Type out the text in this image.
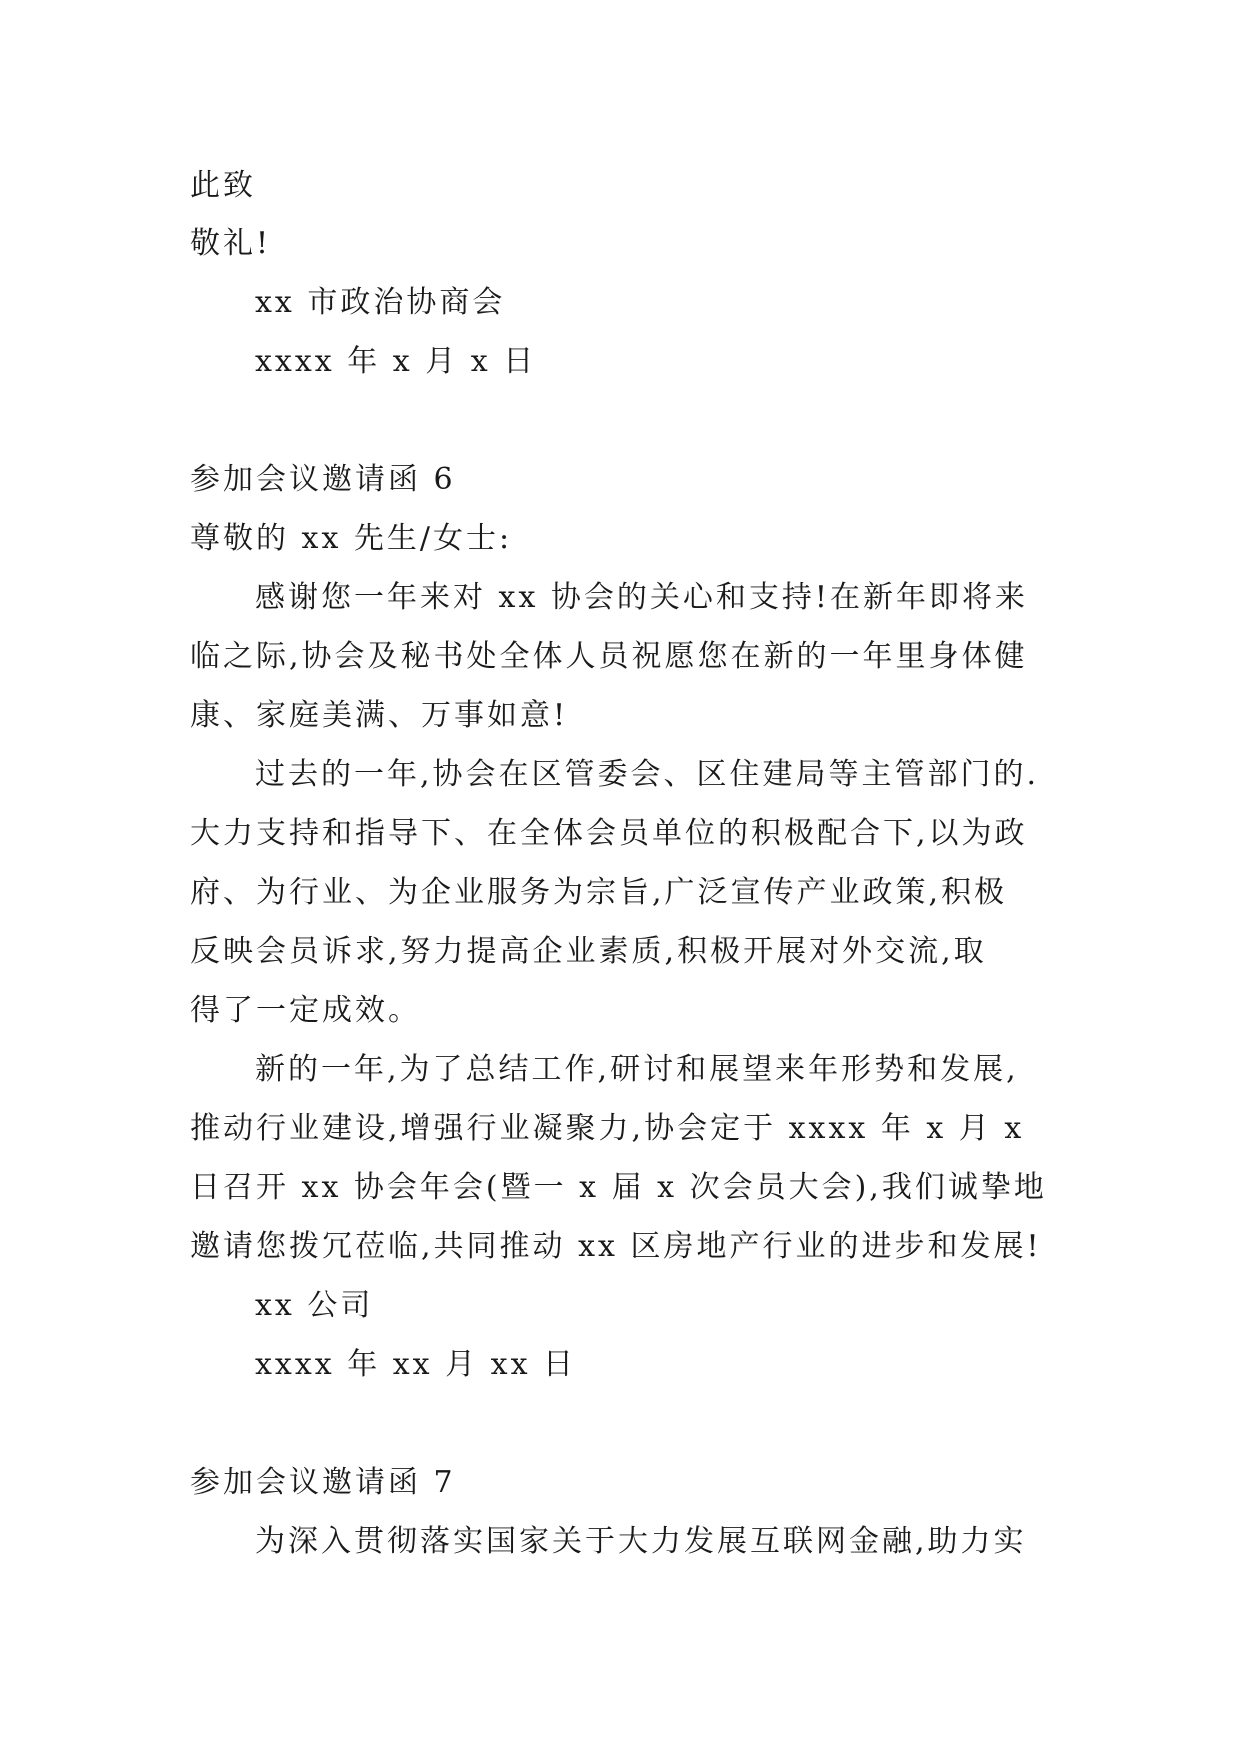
此致
敬礼!
xx 市政治协商会
xxxx 年 x 月 x 日
参加会议邀请函 6
尊敬的 xx 先生/女士:
感谢您一年来对 xx 协会的关心和支持!在新年即将来
临之际,协会及秘书处全体人员祝愿您在新的一年里身体健
康、家庭美满、万事如意!
过去的一年,协会在区管委会、区住建局等主管部门的.
大力支持和指导下、在全体会员单位的积极配合下,以为政
府、为行业、为企业服务为宗旨,广泛宣传产业政策,积极
反映会员诉求,努力提高企业素质,积极开展对外交流,取
得了一定成效。
新的一年,为了总结工作,研讨和展望来年形势和发展,
推动行业建设,增强行业凝聚力,协会定于 xxxx 年 x 月 x
日召开 xx 协会年会(暨一 x 届 x 次会员大会),我们诚挚地
邀请您拨冗莅临,共同推动 xx 区房地产行业的进步和发展!
xx 公司
xxxx 年 xx 月 xx 日
参加会议邀请函 7
为深入贯彻落实国家关于大力发展互联网金融,助力实
